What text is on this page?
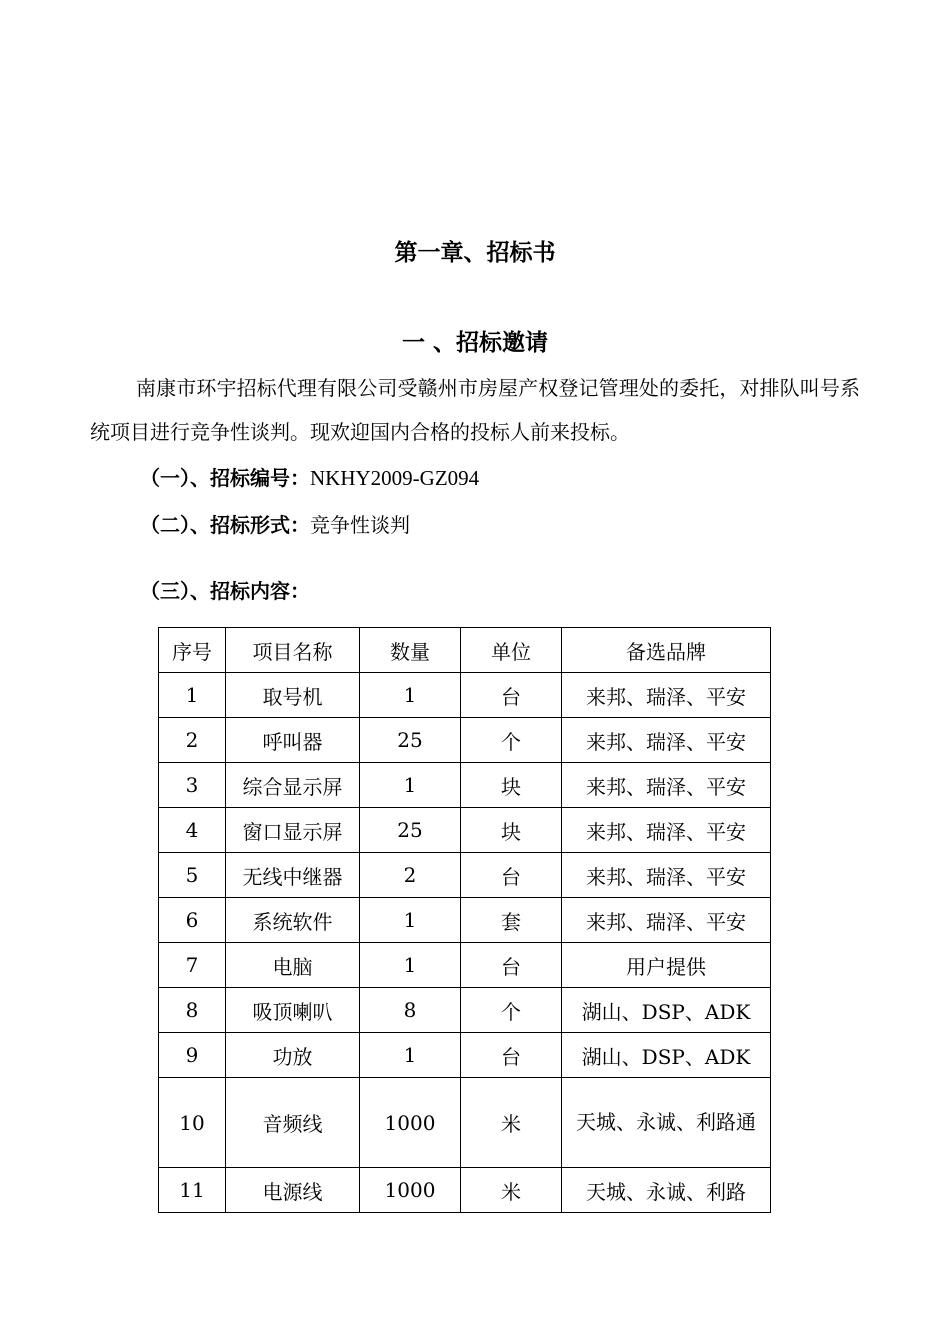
第一章、招标书
一 、招标邀请
南康市环宇招标代理有限公司受赣州市房屋产权登记管理处的委托，对排队叫号系统项目进行竞争性谈判。现欢迎国内合格的投标人前来投标。
（一）、招标编号：NKHY2009-GZ094
（二）、招标形式：竞争性谈判
（三）、招标内容：
序号	项目名称	数量	单位	备选品牌
1	取号机	1	台	来邦、瑞泽、平安
2	呼叫器	25	个	来邦、瑞泽、平安
3	综合显示屏	1	块	来邦、瑞泽、平安
4	窗口显示屏	25	块	来邦、瑞泽、平安
5	无线中继器	2	台	来邦、瑞泽、平安
6	系统软件	1	套	来邦、瑞泽、平安
7	电脑	1	台	用户提供
8	吸顶喇叭	8	个	湖山、DSP、ADK
9	功放	1	台	湖山、DSP、ADK
10	音频线	1000	米	天城、永诚、利路通
11	电源线	1000	米	天城、永诚、利路
